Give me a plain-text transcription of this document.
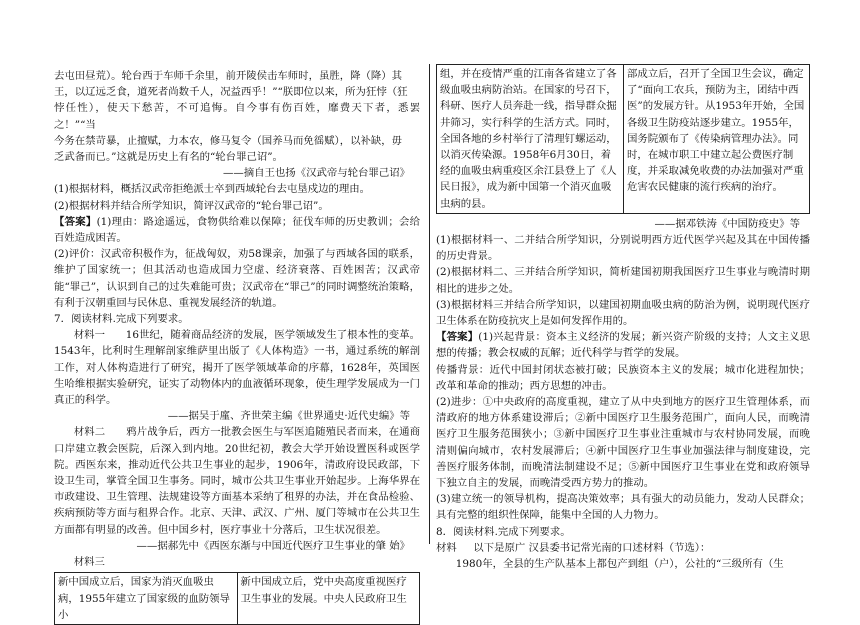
去屯田昼荒）。轮台西于车师千余里，前开陵侯击车师时，虽胜，降（降）其

王，以辽远乏食，道死者尚数千人，况益西乎！”“朕即位以来，所为狂悖（狂

悖任性），使天下愁苦，不可追悔。自今事有伤百姓，靡费天下者，悉罢之！”“当

今务在禁苛暴，止擅赋，力本农，修马复令（国养马而免徭赋），以补缺，毋

乏武备而已。”这就是历史上有名的“轮台罪己诏”。

——摘自王也扬《汉武帝与轮台罪己诏》

(1)根据材料，概括汉武帝拒绝派士卒到西域轮台去屯垦戍边的理由。

(2)根据材料并结合所学知识，简评汉武帝的“轮台罪己诏”。

【答案】(1)理由：路途遥远，食物供给难以保障；征伐车师的历史教训；会给百姓造成困苦。

(2)评价：汉武帝积极作为，征战匈奴，劝58课亲，加强了与西域各国的联系，维护了国家统一；但其活动也造成国力空虚、经济衰落、百姓困苦；汉武帝能“罪己”，认识到自己的过失难能可贵；汉武帝在“罪己”的同时调整统治策略，有利于汉朝重回与民休息、重视发展经济的轨道。

7．阅读材料.完成下列要求。

材料一　　16世纪，随着商品经济的发展，医学领域发生了根本性的变革。1543年，比利时生理解剖家维萨里出版了《人体构造》一书，通过系统的解剖工作，对人体构造进行了研究，揭开了医学领域革命的序幕，1628年，英国医生哈维根据实验研究，证实了动物体内的血液循环现象，使生理学发展成为一门真正的科学。

——据吴于廑、齐世荣主编《世界通史·近代史编》等

材料二　　鸦片战争后，西方一批教会医生与军医追随殖民者而来，在通商口岸建立教会医院，后深入到内地。20世纪初，教会大学开始设置医科或医学院。西医东来，推动近代公共卫生事业的起步，1906年，清政府设民政部，下设卫生司，掌管全国卫生事务。同时，城市公共卫生事业开始起步。上海华界在市政建设、卫生管理、法规建设等方面基本采纳了租界的办法，并在食品检验、疾病预防等方面与租界合作。北京、天津、武汉、广州、厦门等城市在公共卫生方面都有明显的改善。但中国乡村，医疗事业十分落后，卫生状况很差。

——据郝先中《西医东渐与中国近代医疗卫生事业的肇 始》

材料三

新中国成立后，国家为消灭血吸虫病，1955年建立了国家级的血防领导小
新中国成立后，党中央高度重视医疗卫生事业的发展。中央人民政府卫生
组，并在疫情严重的江南各省建立了各级血吸虫病防治站。在国家的号召下，科研、医疗人员奔赴一线，指导群众掘井筛习，实行科学的生活方式。同时，全国各地的乡村举行了清理钉螺运动，以消灭传染源。1958年6月30日，着经的血吸虫病重疫区余江县登上了《人民日报》，成为新中国第一个消灭血吸虫病的县。
部成立后，召开了全国卫生会议，确定了“面向工农兵，预防为主，团结中西医”的发展方针。从1953年开始，全国各级卫生防疫站逐步建立。1955年，国务院颁布了《传染病管理办法》。同时，在城市职工中建立起公费医疗制度，并采取减免收费的办法加强对严重危害农民健康的流行疾病的治疗。

——据邓铁涛《中国防疫史》等

(1)根据材料一、二并结合所学知识，分别说明西方近代医学兴起及其在中国传播的历史背景。

(2)根据材料二、三并结合所学知识，简析建国初期我国医疗卫生事业与晚清时期相比的进步之处。

(3)根据材料三并结合所学知识，以建国初期血吸虫病的防治为例，说明现代医疗卫生体系在防疫抗灾上是如何发挥作用的。

【答案】(1)兴起背景：资本主义经济的发展；新兴资产阶级的支持；人文主义思想的传播；教会权威的瓦解；近代科学与哲学的发展。

传播背景：近代中国封闭状态被打破；民族资本主义的发展；城市化进程加快；改革和革命的推动；西方思想的冲击。

(2)进步：①中央政府的高度重视，建立了从中央到地方的医疗卫生管理体系，而清政府的地方体系建设滞后；②新中国医疗卫生服务范围广，面向人民，而晚清医疗卫生服务范围狭小；③新中国医疗卫生事业注重城市与农村协同发展，而晚清则偏向城市，农村发展滞后；④新中国医疗卫生事业加强法律与制度建设，完善医疗服务体制，而晚清法制建设不足；⑤新中国医疗卫生事业在党和政府领导下独立自主的发展，而晚清受西方势力的推动。

(3)建立统一的领导机构，提高决策效率；具有强大的动员能力，发动人民群众；具有完整的组织性保障，能集中全国的人力物力。

8．阅读材料.完成下列要求。

材料 以下是原广 汉县委书记常光南的口述材料（节选）：

1980年，全县的生产队基本上都包产到组（户），公社的“三级所有（生
